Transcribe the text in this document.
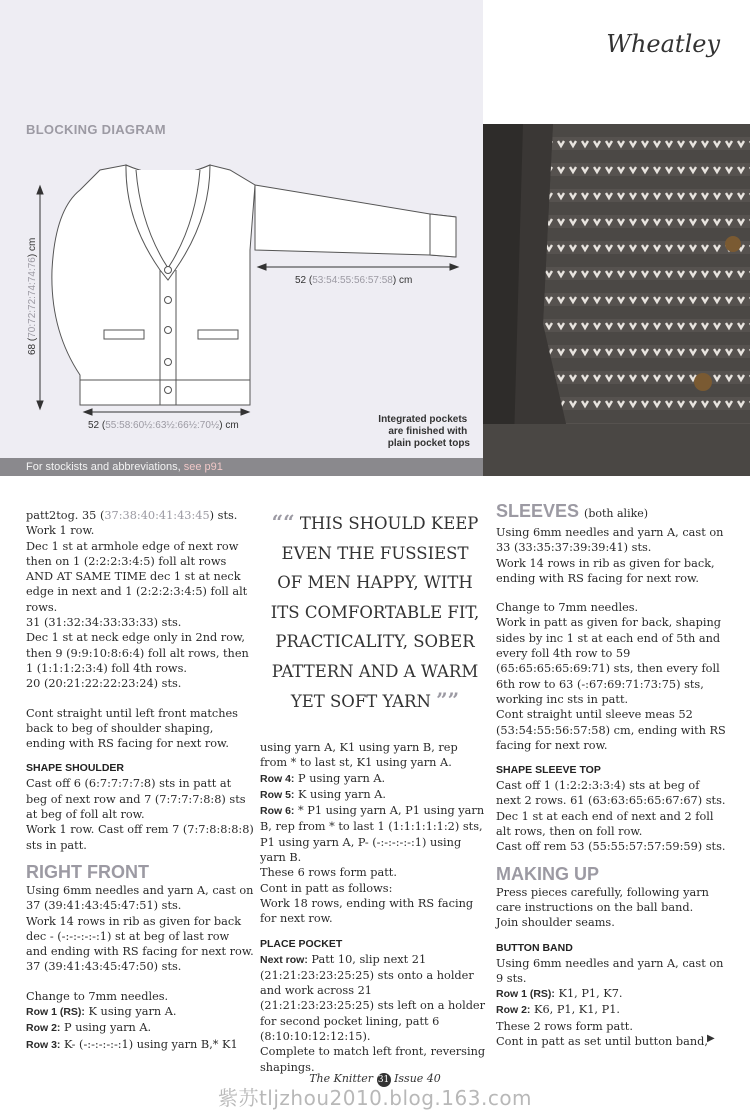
Wheatley
BLOCKING DIAGRAM
68 (70:72:72:74:74:76) cm
52 (53:54:55:56:57:58) cm
52 (55:58:60½:63½:66½:70½) cm
Integrated pockets are finished with plain pocket tops
For stockists and abbreviations, see p91

patt2tog. 35 (37:38:40:41:43:45) sts.

Work 1 row.

Dec 1 st at armhole edge of next row then on 1 (2:2:2:3:4:5) foll alt rows AND AT SAME TIME dec 1 st at neck edge in next and 1 (2:2:2:3:4:5) foll alt rows.

31 (31:32:34:33:33:33) sts.

Dec 1 st at neck edge only in 2nd row, then 9 (9:9:10:8:6:4) foll alt rows, then 1 (1:1:1:2:3:4) foll 4th rows.

20 (20:21:22:22:23:24) sts.

Cont straight until left front matches back to beg of shoulder shaping, ending with RS facing for next row.

SHAPE SHOULDER

Cast off 6 (6:7:7:7:7:8) sts in patt at beg of next row and 7 (7:7:7:7:8:8) sts at beg of foll alt row.

Work 1 row. Cast off rem 7 (7:7:8:8:8:8) sts in patt.

RIGHT FRONT

Using 6mm needles and yarn A, cast on 37 (39:41:43:45:47:51) sts.

Work 14 rows in rib as given for back dec - (-:-:-:-:-:1) st at beg of last row and ending with RS facing for next row.

37 (39:41:43:45:47:50) sts.

Change to 7mm needles.

Row 1 (RS): K using yarn A.

Row 2: P using yarn A.

Row 3: K- (-:-:-:-:-:1) using yarn B,* K1

““ THIS SHOULD KEEP
EVEN THE FUSSIEST
OF MEN HAPPY, WITH
ITS COMFORTABLE FIT,
PRACTICALITY, SOBER
PATTERN AND A WARM
YET SOFT YARN ””

using yarn A, K1 using yarn B, rep from * to last st, K1 using yarn A.

Row 4: P using yarn A.

Row 5: K using yarn A.

Row 6: * P1 using yarn A, P1 using yarn B, rep from * to last 1 (1:1:1:1:1:2) sts, P1 using yarn A, P- (-:-:-:-:-:1) using yarn B.

These 6 rows form patt.

Cont in patt as follows:

Work 18 rows, ending with RS facing for next row.

PLACE POCKET

Next row: Patt 10, slip next 21 (21:21:23:23:25:25) sts onto a holder and work across 21 (21:21:23:23:25:25) sts left on a holder for second pocket lining, patt 6 (8:10:10:12:12:15).

Complete to match left front, reversing shapings.

SLEEVES (both alike)

Using 6mm needles and yarn A, cast on 33 (33:35:37:39:39:41) sts.

Work 14 rows in rib as given for back, ending with RS facing for next row.

Change to 7mm needles.

Work in patt as given for back, shaping sides by inc 1 st at each end of 5th and every foll 4th row to 59 (65:65:65:65:69:71) sts, then every foll 6th row to 63 (-:67:69:71:73:75) sts, working inc sts in patt.

Cont straight until sleeve meas 52 (53:54:55:56:57:58) cm, ending with RS facing for next row.

SHAPE SLEEVE TOP

Cast off 1 (1:2:2:3:3:4) sts at beg of next 2 rows. 61 (63:63:65:65:67:67) sts.

Dec 1 st at each end of next and 2 foll alt rows, then on foll row.

Cast off rem 53 (55:55:57:57:59:59) sts.

MAKING UP

Press pieces carefully, following yarn care instructions on the ball band.

Join shoulder seams.

BUTTON BAND

Using 6mm needles and yarn A, cast on 9 sts.

Row 1 (RS): K1, P1, K7.

Row 2: K6, P1, K1, P1.

These 2 rows form patt.

Cont in patt as set until button band, ▶
The Knitter 31 Issue 40
紫苏tljzhou2010.blog.163.com
